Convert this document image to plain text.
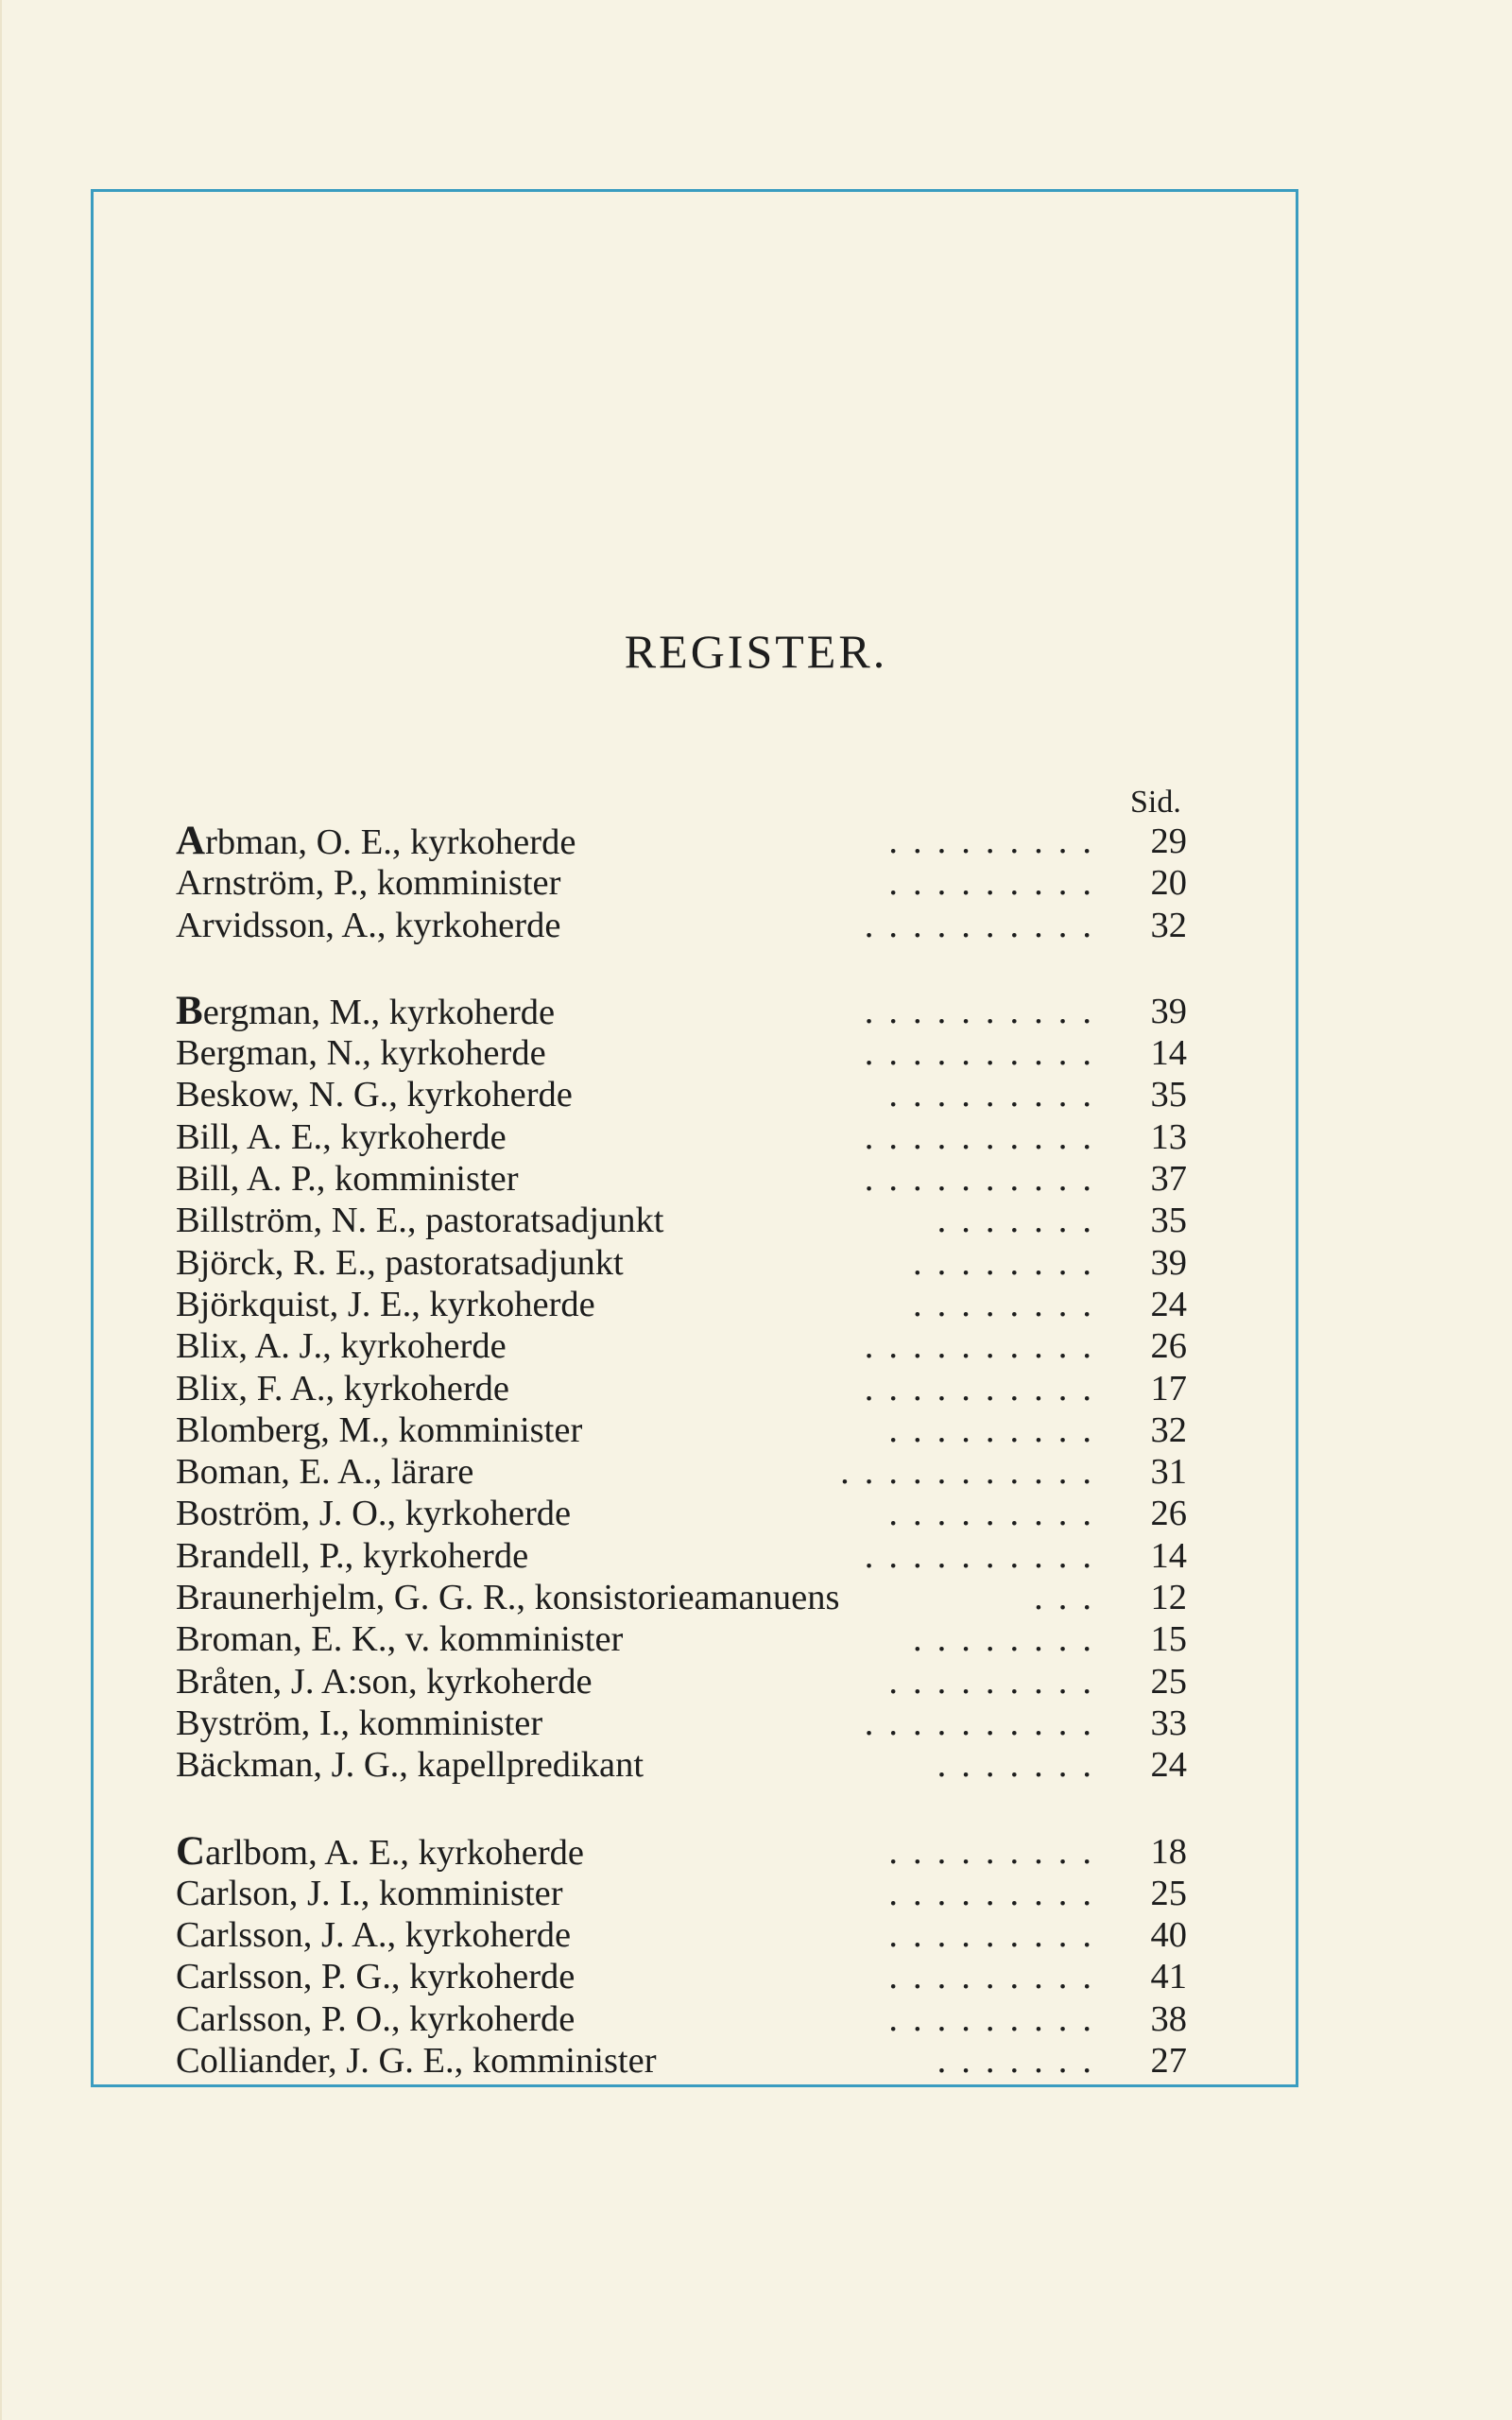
REGISTER.
Sid.
Arbman, O. E., kyrkoherde	.........	29
Arnström, P., komminister	.........	20
Arvidsson, A., kyrkoherde	..........	32
Bergman, M., kyrkoherde	..........	39
Bergman, N., kyrkoherde	..........	14
Beskow, N. G., kyrkoherde	.........	35
Bill, A. E., kyrkoherde	..........	13
Bill, A. P., komminister	..........	37
Billström, N. E., pastoratsadjunkt	.......	35
Björck, R. E., pastoratsadjunkt	........	39
Björkquist, J. E., kyrkoherde	........	24
Blix, A. J., kyrkoherde	..........	26
Blix, F. A., kyrkoherde	..........	17
Blomberg, M., komminister	.........	32
Boman, E. A., lärare	...........	31
Boström, J. O., kyrkoherde	.........	26
Brandell, P., kyrkoherde	..........	14
Braunerhjelm, G. G. R., konsistorieamanuens	...	12
Broman, E. K., v. komminister	........	15
Bråten, J. A:son, kyrkoherde	.........	25
Byström, I., komminister	..........	33
Bäckman, J. G., kapellpredikant	.......	24
Carlbom, A. E., kyrkoherde	.........	18
Carlson, J. I., komminister	.........	25
Carlsson, J. A., kyrkoherde	.........	40
Carlsson, P. G., kyrkoherde	.........	41
Carlsson, P. O., kyrkoherde	.........	38
Colliander, J. G. E., komminister	.......	27
